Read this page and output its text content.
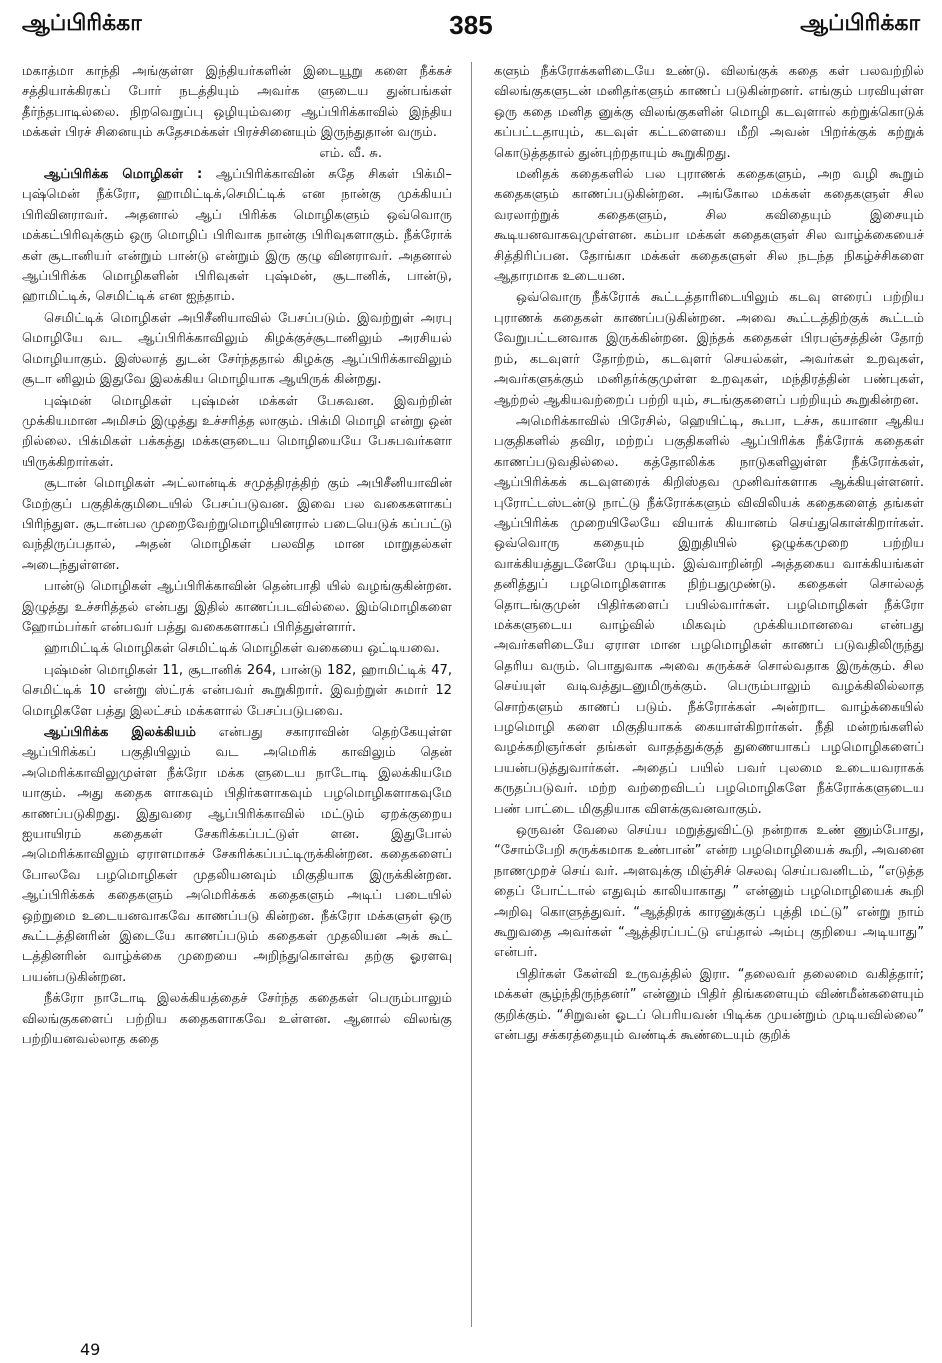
ஆப்பிரிக்கா	385	ஆப்பிரிக்கா

மகாத்மா காந்தி அங்குள்ள இந்தியர்களின் இடையூறு களை நீக்கச் சத்தியாக்கிரகப் போர் நடத்தியும் அவர்க ளுடைய துன்பங்கள் தீர்ந்தபாடில்லை. நிறவெறுப்பு ஒழியும்வரை ஆப்பிரிக்காவில் இந்திய மக்கள் பிரச் சினையும் சுதேசமக்கள் பிரச்சினையும் இருந்துதான் வரும்.
எம். வீ. சு.

ஆப்பிரிக்க மொழிகள் : ஆப்பிரிக்காவின் சுதே சிகள் பிக்மி–புஷ்மென் நீக்ரோ, ஹாமிட்டிக்,செமிட்டிக் என நான்கு முக்கியப் பிரிவினராவர். அதனால் ஆப் பிரிக்க மொழிகளும் ஒவ்வொரு மக்கட்பிரிவுக்கும் ஒரு மொழிப் பிரிவாக நான்கு பிரிவுகளாகும். நீக்ரோக் கள் சூடானியர் என்றும் பான்டு என்றும் இரு குழு வினராவர். அதனால் ஆப்பிரிக்க மொழிகளின் பிரிவுகள் புஷ்மன், சூடானிக், பான்டு, ஹாமிட்டிக், செமிட்டிக் என ஐந்தாம்.

செமிட்டிக் மொழிகள் அபிசீனியாவில் பேசப்படும். இவற்றுள் அரபு மொழியே வட ஆப்பிரிக்காவிலும் கிழக்குச்சூடானிலும் அரசியல் மொழியாகும். இஸ்லாத் துடன் சேர்ந்ததால் கிழக்கு ஆப்பிரிக்காவிலும் சூடா னிலும் இதுவே இலக்கிய மொழியாக ஆயிருக் கின்றது.

புஷ்மன் மொழிகள் புஷ்மன் மக்கள் பேசுவன. இவற்றின் முக்கியமான அமிசம் இழுத்து உச்சரித்த லாகும். பிக்மி மொழி என்று ஒன் றில்லை. பிக்மிகள் பக்கத்து மக்களுடைய மொழியையே பேசுபவர்களா யிருக்கிறார்கள்.

சூடான் மொழிகள் அட்லான்டிக் சமுத்திரத்திற் கும் அபிசீனியாவின் மேற்குப் பகுதிக்குமிடையில் பேசப்படுவன. இவை பல வகைகளாகப் பிரிந்துள. சூடான்பல முறைவேற்றுமொழியினரால் படையெடுக் கப்பட்டு வந்திருப்பதால், அதன் மொழிகள் பலவித மான மாறுதல்கள் அடைந்துள்ளன.

பான்டு மொழிகள் ஆப்பிரிக்காவின் தென்பாதி யில் வழங்குகின்றன. இழுத்து உச்சரித்தல் என்பது இதில் காணப்படவில்லை. இம்மொழிகளை ஹோம்பர்கர் என்பவர் பத்து வகைகளாகப் பிரித்துள்ளார்.

ஹாமிட்டிக் மொழிகள் செமிட்டிக் மொழிகள் வகையை ஒட்டியவை.

புஷ்மன் மொழிகள் 11, சூடானிக் 264, பான்டு 182, ஹாமிட்டிக் 47, செமிட்டிக் 10 என்று ஸ்ட்ரக் என்பவர் கூறுகிறார். இவற்றுள் சுமார் 12 மொழிகளே பத்து இலட்சம் மக்களால் பேசப்படுபவை.

ஆப்பிரிக்க இலக்கியம் என்பது சகாராவின் தெற்கேயுள்ள ஆப்பிரிக்கப் பகுதியிலும் வட அமெரிக் காவிலும் தென் அமெரிக்காவிலுமுள்ள நீக்ரோ மக்க ளுடைய நாடோடி இலக்கியமே யாகும். அது கதைக ளாகவும் பிதிர்களாகவும் பழமொழிகளாகவுமே காணப்படுகிறது. இதுவரை ஆப்பிரிக்காவில் மட்டும் ஏறக்குறைய ஐயாயிரம் கதைகள் சேகரிக்கப்பட்டுள் ளன. இதுபோல் அமெரிக்காவிலும் ஏராளமாகச் சேகரிக்கப்பட்டிருக்கின்றன. கதைகளைப் போலவே பழமொழிகள் முதலியனவும் மிகுதியாக இருக்கின்றன. ஆப்பிரிக்கக் கதைகளும் அமெரிக்கக் கதைகளும் அடிப் படையில் ஒற்றுமை உடையனவாகவே காணப்படு கின்றன. நீக்ரோ மக்களுள் ஒரு கூட்டத்தினரின் இடையே காணப்படும் கதைகள் முதலியன அக் கூட் டத்தினரின் வாழ்க்கை முறையை அறிந்துகொள்வ தற்கு ஓரளவு பயன்படுகின்றன.

நீக்ரோ நாடோடி இலக்கியத்தைச் சேர்ந்த கதைகள் பெரும்பாலும் விலங்குகளைப் பற்றிய கதைகளாகவே உள்ளன. ஆனால் விலங்கு பற்றியனவல்லாத கதை

களும் நீக்ரோக்களிடையே உண்டு. விலங்குக் கதை கள் பலவற்றில் விலங்குகளுடன் மனிதர்களும் காணப் படுகின்றனர். எங்கும் பரவியுள்ள ஒரு கதை மனித னுக்கு விலங்குகளின் மொழி கடவுளால் கற்றுக்கொடுக் கப்பட்டதாயும், கடவுள் கட்டளையை மீறி அவன் பிறர்க்குக் கற்றுக் கொடுத்ததால் துன்புற்றதாயும் கூறுகிறது.

மனிதக் கதைகளில் பல புராணக் கதைகளும், அற வழி கூறும் கதைகளும் காணப்படுகின்றன. அங்கோல மக்கள் கதைகளுள் சில வரலாற்றுக் கதைகளும், சில கவிதையும் இசையும் கூடியனவாகவுமுள்ளன. கம்பா மக்கள் கதைகளுள் சில வாழ்க்கையைச் சித்திரிப்பன. தோங்கா மக்கள் கதைகளுள் சில நடந்த நிகழ்ச்சிகளை ஆதாரமாக உடையன.

ஒவ்வொரு நீக்ரோக் கூட்டத்தாரிடையிலும் கடவு ளரைப் பற்றிய புராணக் கதைகள் காணப்படுகின்றன. அவை கூட்டத்திற்குக் கூட்டம் வேறுபட்டனவாக இருக்கின்றன. இந்தக் கதைகள் பிரபஞ்சத்தின் தோற் றம், கடவுளர் தோற்றம், கடவுளர் செயல்கள், அவர்கள் உறவுகள், அவர்களுக்கும் மனிதர்க்குமுள்ள உறவுகள், மந்திரத்தின் பண்புகள், ஆற்றல் ஆகியவற்றைப் பற்றி யும், சடங்குகளைப் பற்றியும் கூறுகின்றன.

அமெரிக்காவில் பிரேசில், ஹெயிட்டி, கூபா, டச்சு, கயானா ஆகிய பகுதிகளில் தவிர, மற்றப் பகுதிகளில் ஆப்பிரிக்க நீக்ரோக் கதைகள் காணப்படுவதில்லை. கத்தோலிக்க நாடுகளிலுள்ள நீக்ரோக்கள், ஆப்பிரிக்கக் கடவுளரைக் கிறிஸ்தவ முனிவர்களாக ஆக்கியுள்ளனர். புரோட்டஸ்டன்டு நாட்டு நீக்ரோக்களும் விவிலியக் கதைகளைத் தங்கள் ஆப்பிரிக்க முறையிலேயே வியாக் கியானம் செய்துகொள்கிறார்கள். ஒவ்வொரு கதையும் இறுதியில் ஒழுக்கமுறை பற்றிய வாக்கியத்துடனேயே முடியும். இவ்வாறின்றி அத்தகைய வாக்கியங்கள் தனித்துப் பழமொழிகளாக நிற்பதுமுண்டு. கதைகள் சொல்லத் தொடங்குமுன் பிதிர்களைப் பயில்வார்கள். பழமொழிகள் நீக்ரோ மக்களுடைய வாழ்வில் மிகவும் முக்கியமானவை என்பது அவர்களிடையே ஏராள மான பழமொழிகள் காணப் படுவதிலிருந்து தெரிய வரும். பொதுவாக அவை சுருக்கச் சொல்வதாக இருக்கும். சில செய்யுள் வடிவத்துடனுமிருக்கும். பெரும்பாலும் வழக்கிலில்லாத சொற்களும் காணப் படும். நீக்ரோக்கள் அன்றாட வாழ்க்கையில் பழமொழி களை மிகுதியாகக் கையாள்கிறார்கள். நீதி மன்றங்களில் வழக்கறிஞர்கள் தங்கள் வாதத்துக்குத் துணையாகப் பழமொழிகளைப் பயன்படுத்துவார்கள். அதைப் பயில் பவர் புலமை உடையவராகக் கருதப்படுவர். மற்ற வற்றைவிடப் பழமொழிகளே நீக்ரோக்களுடைய பண் பாட்டை மிகுதியாக விளக்குவனவாகும்.

ஒருவன் வேலை செய்ய மறுத்துவிட்டு நன்றாக உண் ணும்போது, “சோம்பேறி சுருக்கமாக உண்பான்” என்ற பழமொழியைக் கூறி, அவனை நாணமுறச் செய் வர். அளவுக்கு மிஞ்சிச் செலவு செய்பவனிடம், “எடுத்த தைப் போட்டால் எதுவும் காலியாகாது ” என்னும் பழமொழியைக் கூறி அறிவு கொளுத்துவர். “ஆத்திரக் காரனுக்குப் புத்தி மட்டு” என்று நாம் கூறுவதை அவர்கள் “ஆத்திரப்பட்டு எய்தால் அம்பு குறியை அடியாது” என்பர்.

பிதிர்கள் கேள்வி உருவத்தில் இரா. “தலைவர் தலைமை வகித்தார்; மக்கள் சூழ்ந்திருந்தனர்” என்னும் பிதிர் திங்களையும் விண்மீன்களையும் குறிக்கும். “சிறுவன் ஓடப் பெரியவன் பிடிக்க முயன்றும் முடியவில்லை” என்பது சக்கரத்தையும் வண்டிக் கூண்டையும் குறிக்

49
